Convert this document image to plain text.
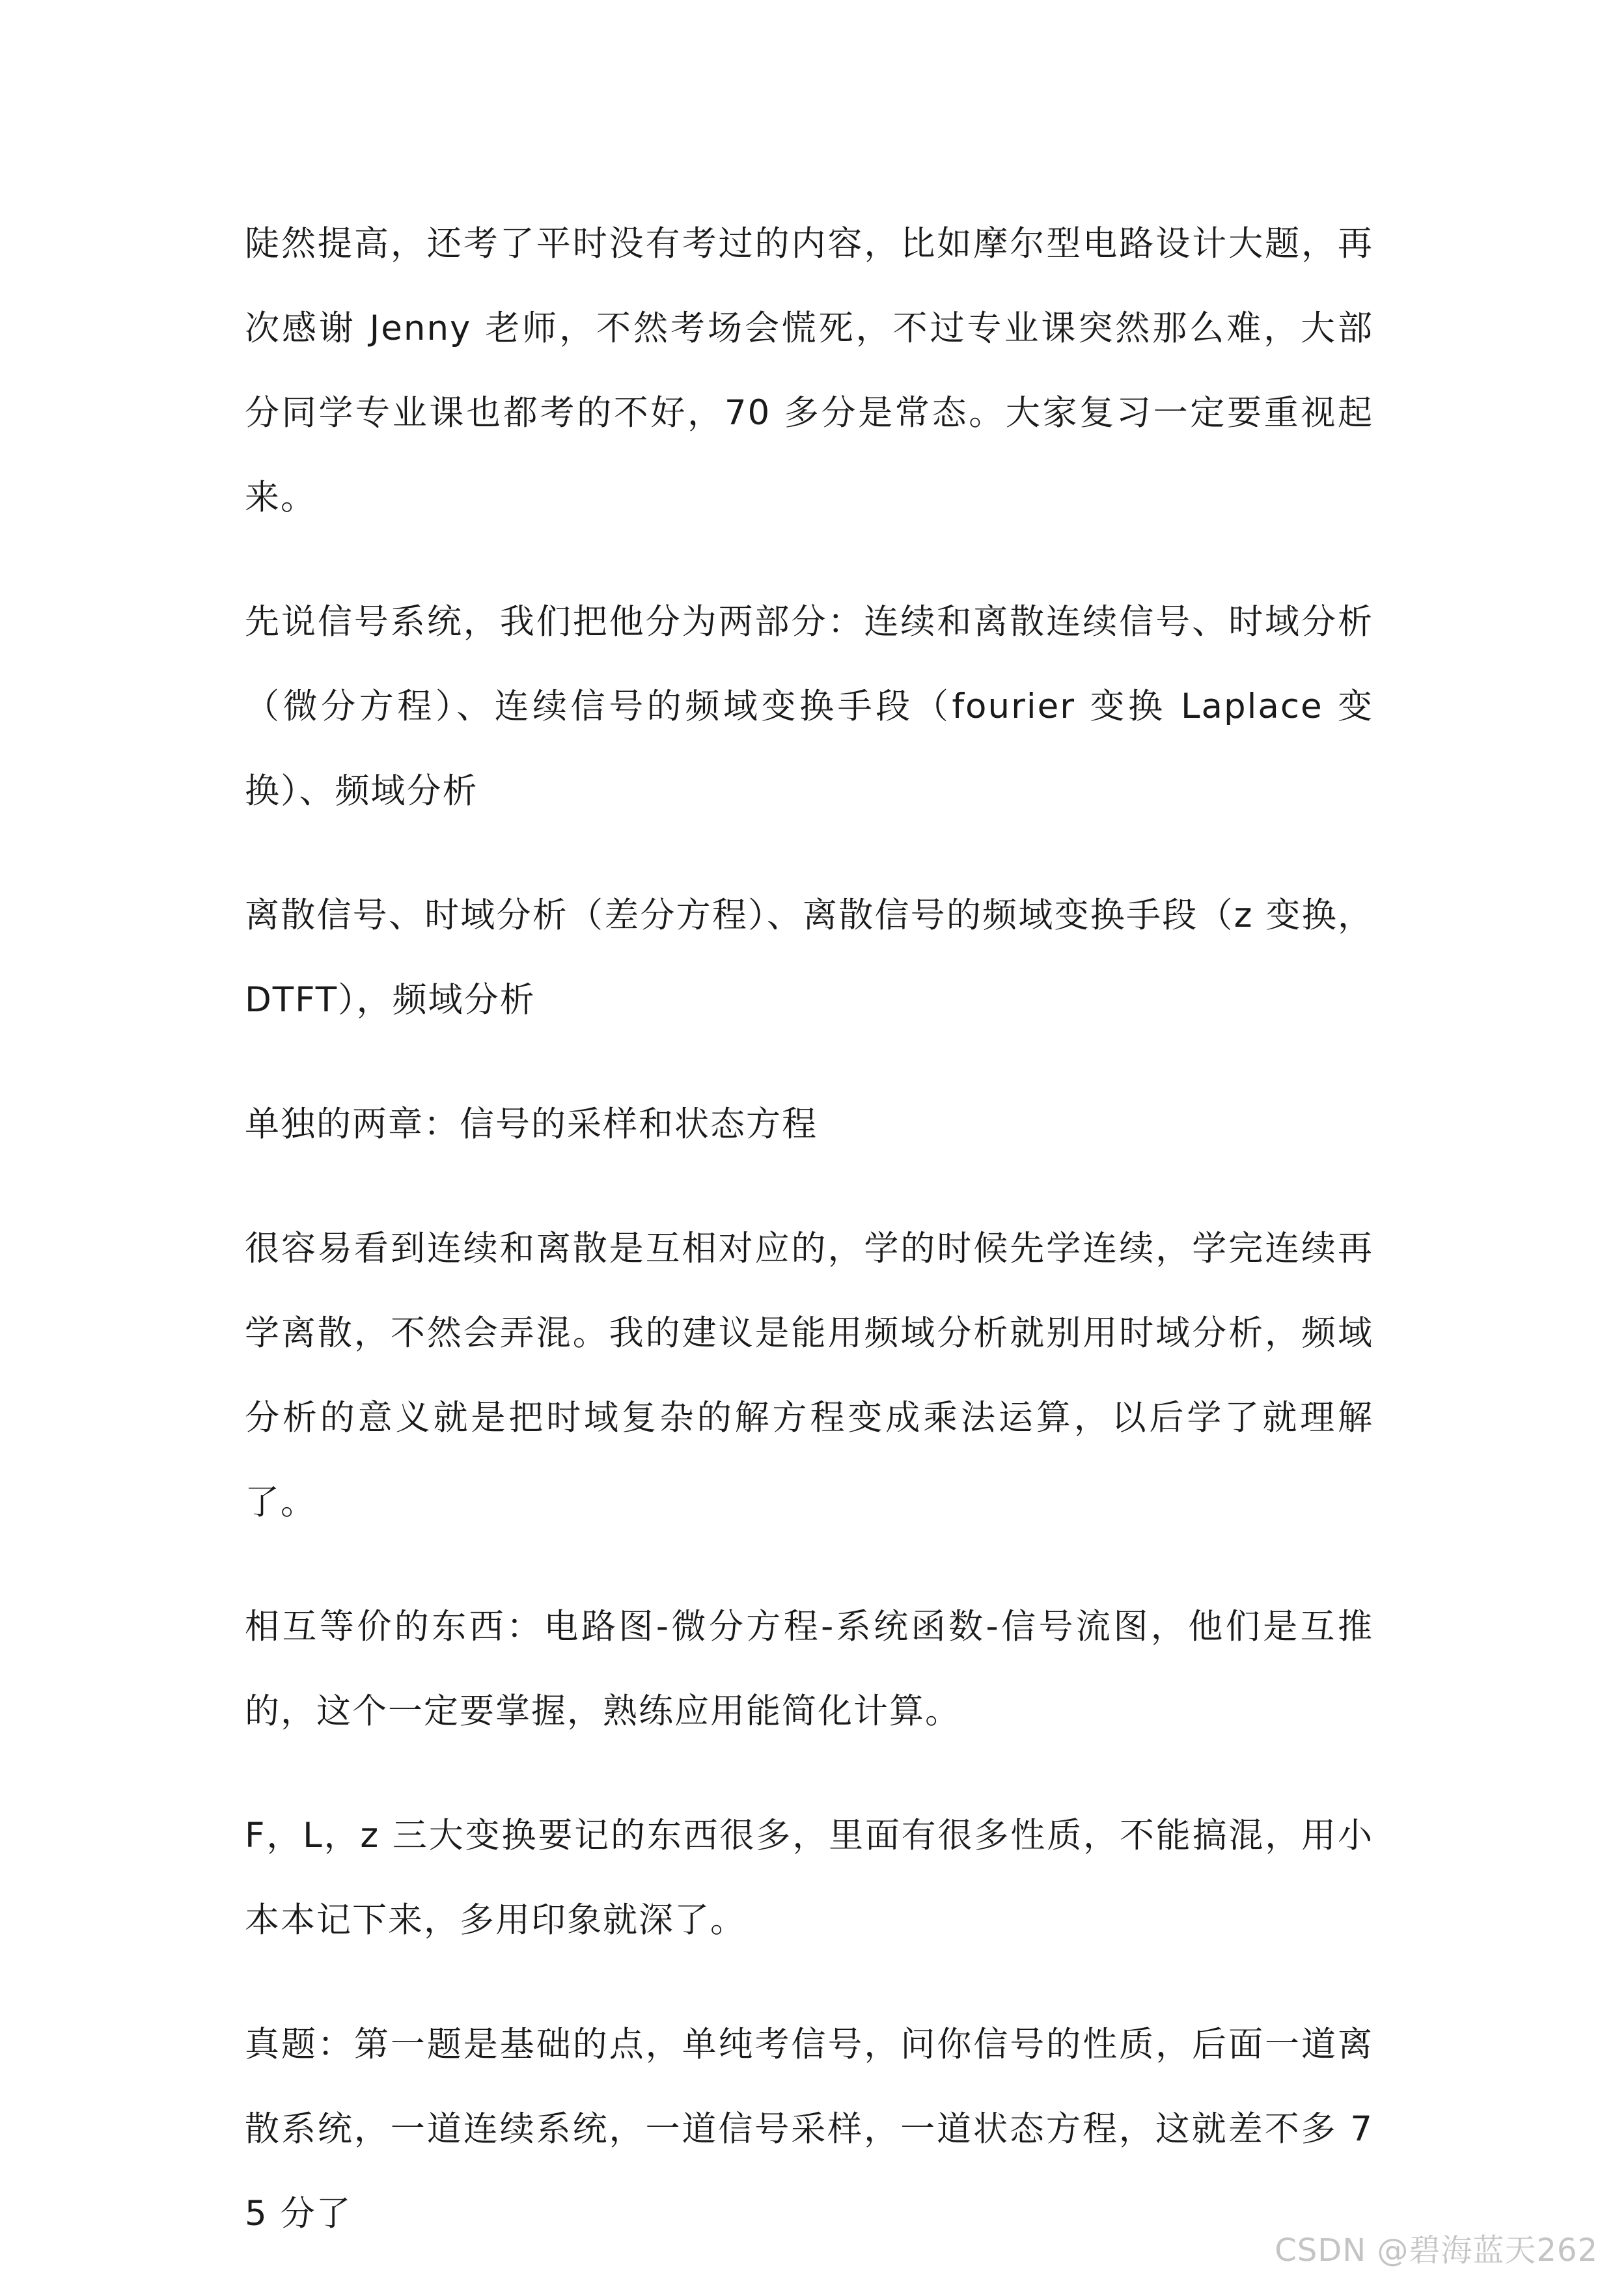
陡然提高，还考了平时没有考过的内容，比如摩尔型电路设计大题，再次感谢 Jenny 老师，不然考场会慌死，不过专业课突然那么难，大部分同学专业课也都考的不好，70 多分是常态。大家复习一定要重视起来。

先说信号系统，我们把他分为两部分：连续和离散连续信号、时域分析（微分方程）、连续信号的频域变换手段（fourier 变换 Laplace 变换）、频域分析

离散信号、时域分析（差分方程）、离散信号的频域变换手段（z 变换，DTFT），频域分析

单独的两章：信号的采样和状态方程

很容易看到连续和离散是互相对应的，学的时候先学连续，学完连续再学离散，不然会弄混。我的建议是能用频域分析就别用时域分析，频域分析的意义就是把时域复杂的解方程变成乘法运算，以后学了就理解了。

相互等价的东西：电路图-微分方程-系统函数-信号流图，他们是互推的，这个一定要掌握，熟练应用能简化计算。

F，L，z 三大变换要记的东西很多，里面有很多性质，不能搞混，用小本本记下来，多用印象就深了。

真题：第一题是基础的点，单纯考信号，问你信号的性质，后面一道离散系统，一道连续系统，一道信号采样，一道状态方程，这就差不多 75 分了

CSDN @碧海蓝天262
